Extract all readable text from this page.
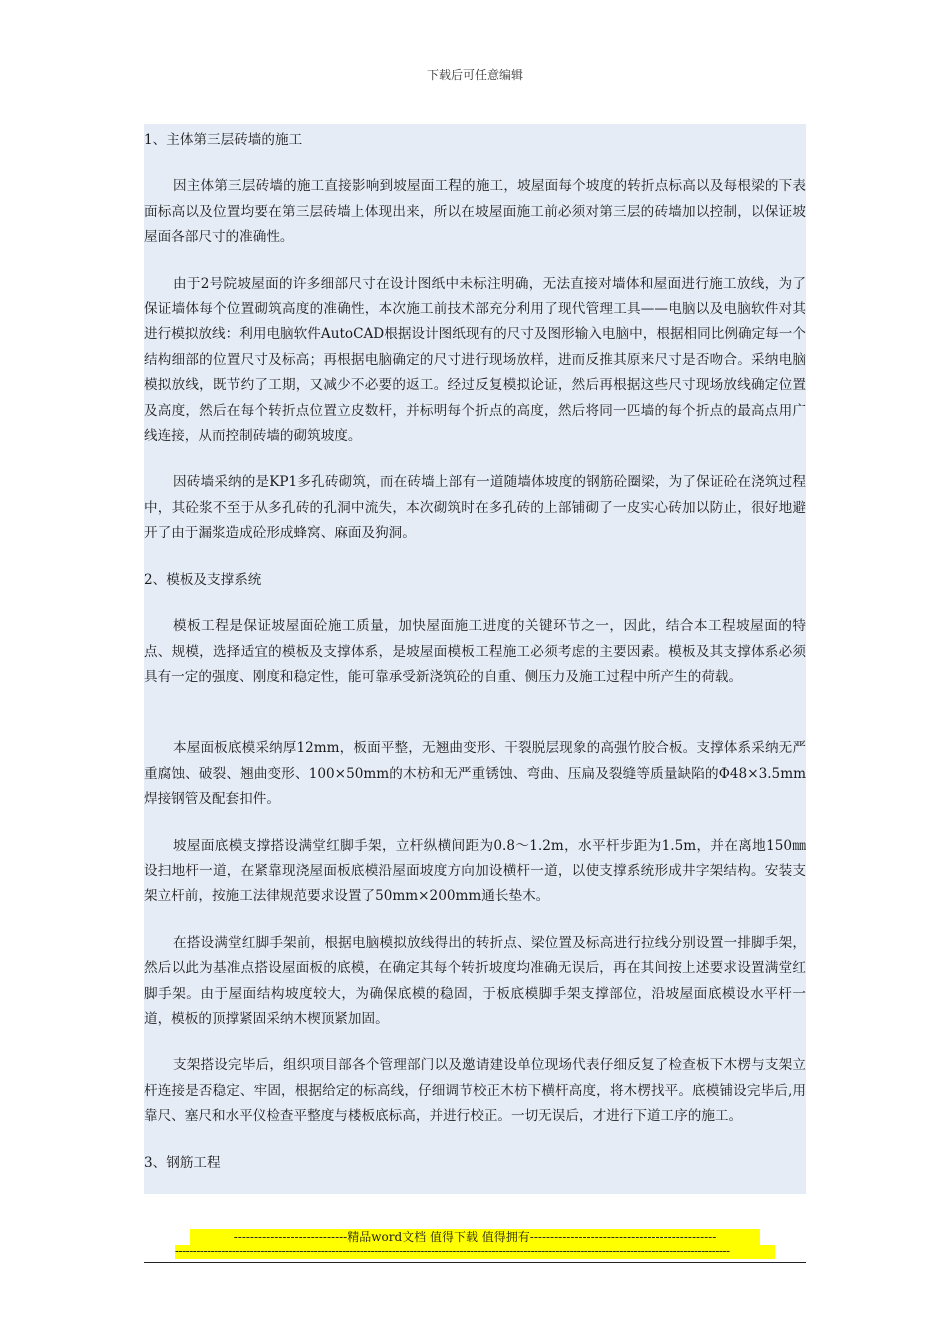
下载后可任意编辑

1、主体第三层砖墙的施工

因主体第三层砖墙的施工直接影响到坡屋面工程的施工，坡屋面每个坡度的转折点标高以及每根梁的下表面标高以及位置均要在第三层砖墙上体现出来，所以在坡屋面施工前必须对第三层的砖墙加以控制，以保证坡屋面各部尺寸的准确性。

由于2号院坡屋面的许多细部尺寸在设计图纸中未标注明确，无法直接对墙体和屋面进行施工放线，为了保证墙体每个位置砌筑高度的准确性，本次施工前技术部充分利用了现代管理工具——电脑以及电脑软件对其进行模拟放线：利用电脑软件AutoCAD根据设计图纸现有的尺寸及图形输入电脑中，根据相同比例确定每一个结构细部的位置尺寸及标高；再根据电脑确定的尺寸进行现场放样，进而反推其原来尺寸是否吻合。采纳电脑模拟放线，既节约了工期，又减少不必要的返工。经过反复模拟论证，然后再根据这些尺寸现场放线确定位置及高度，然后在每个转折点位置立皮数杆，并标明每个折点的高度，然后将同一匹墙的每个折点的最高点用广线连接，从而控制砖墙的砌筑坡度。

因砖墙采纳的是KP1多孔砖砌筑，而在砖墙上部有一道随墙体坡度的钢筋砼圈梁，为了保证砼在浇筑过程中，其砼浆不至于从多孔砖的孔洞中流失，本次砌筑时在多孔砖的上部铺砌了一皮实心砖加以防止，很好地避开了由于漏浆造成砼形成蜂窝、麻面及狗洞。

2、模板及支撑系统

模板工程是保证坡屋面砼施工质量，加快屋面施工进度的关键环节之一，因此，结合本工程坡屋面的特点、规模，选择适宜的模板及支撑体系，是坡屋面模板工程施工必须考虑的主要因素。模板及其支撑体系必须具有一定的强度、刚度和稳定性，能可靠承受新浇筑砼的自重、侧压力及施工过程中所产生的荷载。

本屋面板底模采纳厚12mm，板面平整，无翘曲变形、干裂脱层现象的高强竹胶合板。支撑体系采纳无严重腐蚀、破裂、翘曲变形、100×50mm的木枋和无严重锈蚀、弯曲、压扁及裂缝等质量缺陷的Φ48×3.5mm焊接钢管及配套扣件。

坡屋面底模支撑搭设满堂红脚手架，立杆纵横间距为0.8～1.2m，水平杆步距为1.5m，并在离地150㎜设扫地杆一道，在紧靠现浇屋面板底模沿屋面坡度方向加设横杆一道，以使支撑系统形成井字架结构。安装支架立杆前，按施工法律规范要求设置了50mm×200mm通长垫木。

在搭设满堂红脚手架前，根据电脑模拟放线得出的转折点、梁位置及标高进行拉线分别设置一排脚手架，然后以此为基准点搭设屋面板的底模，在确定其每个转折坡度均准确无误后，再在其间按上述要求设置满堂红脚手架。由于屋面结构坡度较大，为确保底模的稳固，于板底模脚手架支撑部位，沿坡屋面底模设水平杆一道，模板的顶撑紧固采纳木楔顶紧加固。

支架搭设完毕后，组织项目部各个管理部门以及邀请建设单位现场代表仔细反复了检查板下木楞与支架立杆连接是否稳定、牢固，根据给定的标高线，仔细调节校正木枋下横杆高度，将木楞找平。底模铺设完毕后,用靠尺、塞尺和水平仪检查平整度与楼板底标高，并进行校正。一切无误后，才进行下道工序的施工。

3、钢筋工程

----------------------------精品word文档 值得下载 值得拥有----------------------------------------------
------------------------------------------------------------------------------------------------------------------------------------------------------------
